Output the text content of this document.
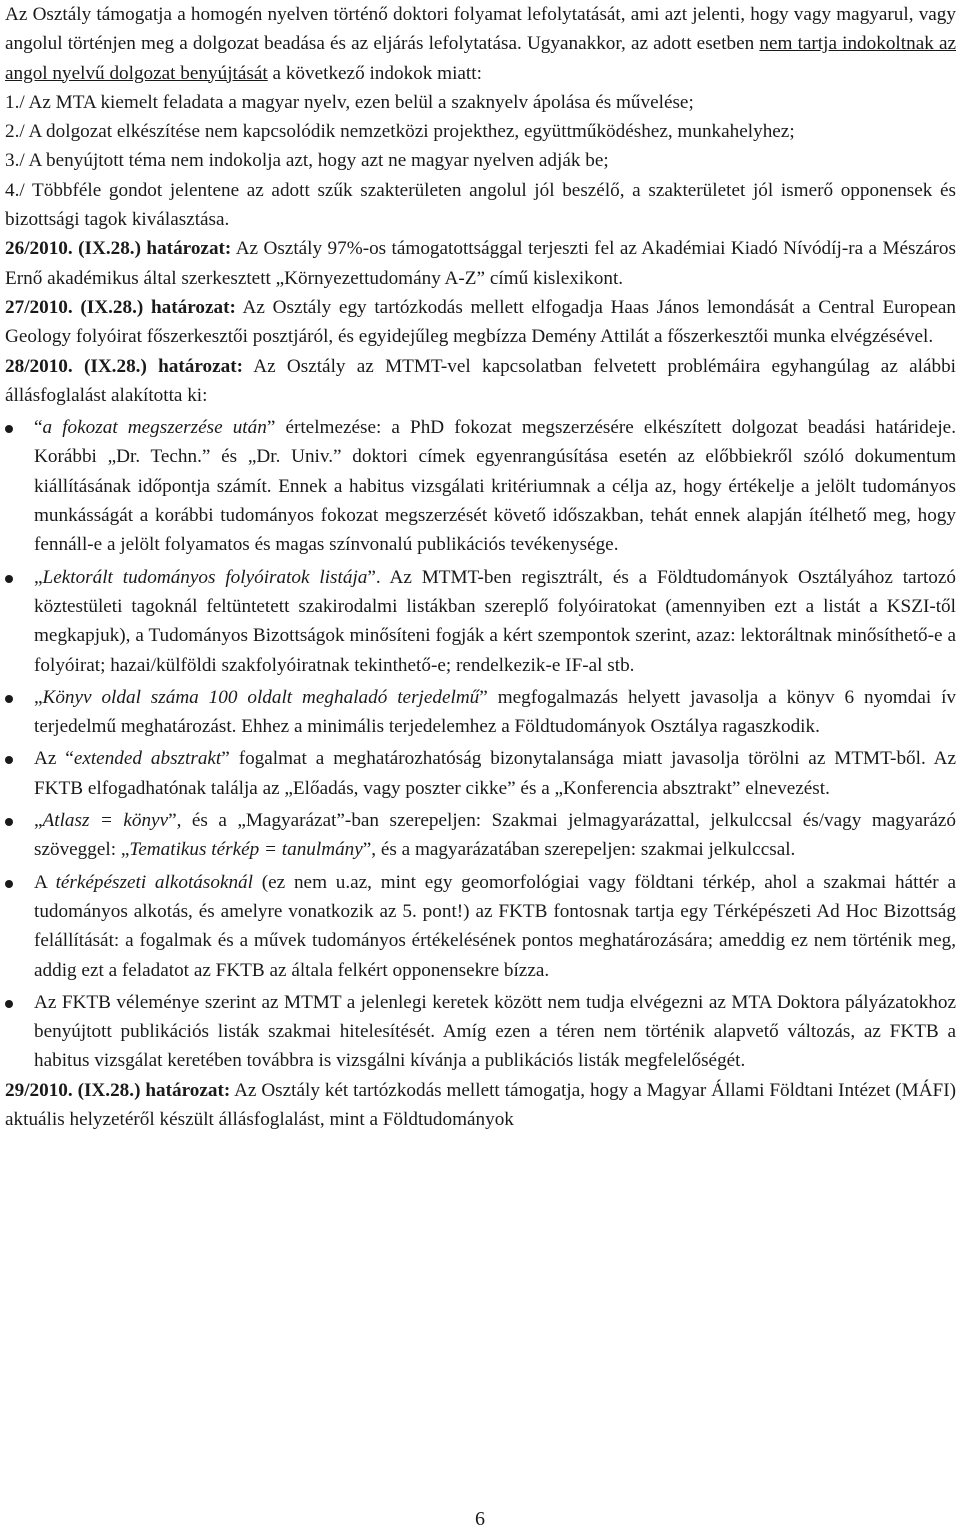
Az Osztály támogatja a homogén nyelven történő doktori folyamat lefolytatását, ami azt jelenti, hogy vagy magyarul, vagy angolul történjen meg a dolgozat beadása és az eljárás lefolytatása. Ugyanakkor, az adott esetben nem tartja indokoltnak az angol nyelvű dolgozat benyújtását a következő indokok miatt:

1./ Az MTA kiemelt feladata a magyar nyelv, ezen belül a szaknyelv ápolása és művelése;

2./ A dolgozat elkészítése nem kapcsolódik nemzetközi projekthez, együttműködéshez, munkahelyhez;

3./ A benyújtott téma nem indokolja azt, hogy azt ne magyar nyelven adják be;

4./ Többféle gondot jelentene az adott szűk szakterületen angolul jól beszélő, a szakterületet jól ismerő opponensek és bizottsági tagok kiválasztása.

26/2010. (IX.28.) határozat: Az Osztály 97%-os támogatottsággal terjeszti fel az Akadémiai Kiadó Nívódíj-ra a Mészáros Ernő akadémikus által szerkesztett „Környezettudomány A-Z” című kislexikont.

27/2010. (IX.28.) határozat: Az Osztály egy tartózkodás mellett elfogadja Haas János lemondását a Central European Geology folyóirat főszerkesztői posztjáról, és egyidejűleg megbízza Demény Attilát a főszerkesztői munka elvégzésével.

28/2010. (IX.28.) határozat: Az Osztály az MTMT-vel kapcsolatban felvetett problémáira egyhangúlag az alábbi állásfoglalást alakította ki:

“a fokozat megszerzése után” értelmezése: a PhD fokozat megszerzésére elkészített dolgozat beadási határideje. Korábbi „Dr. Techn.” és „Dr. Univ.” doktori címek egyenrangúsítása esetén az előbbiekről szóló dokumentum kiállításának időpontja számít. Ennek a habitus vizsgálati kritériumnak a célja az, hogy értékelje a jelölt tudományos munkásságát a korábbi tudományos fokozat megszerzését követő időszakban, tehát ennek alapján ítélhető meg, hogy fennáll-e a jelölt folyamatos és magas színvonalú publikációs tevékenysége.
„Lektorált tudományos folyóiratok listája”. Az MTMT-ben regisztrált, és a Földtudományok Osztályához tartozó köztestületi tagoknál feltüntetett szakirodalmi listákban szereplő folyóiratokat (amennyiben ezt a listát a KSZI-től megkapjuk), a Tudományos Bizottságok minősíteni fogják a kért szempontok szerint, azaz: lektoráltnak minősíthető-e a folyóirat; hazai/külföldi szakfolyóiratnak tekinthető-e; rendelkezik-e IF-al stb.
„Könyv oldal száma 100 oldalt meghaladó terjedelmű” megfogalmazás helyett javasolja a könyv 6 nyomdai ív terjedelmű meghatározást. Ehhez a minimális terjedelemhez a Földtudományok Osztálya ragaszkodik.
Az “extended absztrakt” fogalmat a meghatározhatóság bizonytalansága miatt javasolja törölni az MTMT-ből. Az FKTB elfogadhatónak találja az „Előadás, vagy poszter cikke” és a „Konferencia absztrakt” elnevezést.
„Atlasz = könyv”, és a „Magyarázat”-ban szerepeljen: Szakmai jelmagyarázattal, jelkulccsal és/vagy magyarázó szöveggel: „Tematikus térkép = tanulmány”, és a magyarázatában szerepeljen: szakmai jelkulccsal.
A térképészeti alkotásoknál (ez nem u.az, mint egy geomorfológiai vagy földtani térkép, ahol a szakmai háttér a tudományos alkotás, és amelyre vonatkozik az 5. pont!) az FKTB fontosnak tartja egy Térképészeti Ad Hoc Bizottság felállítását: a fogalmak és a művek tudományos értékelésének pontos meghatározására; ameddig ez nem történik meg, addig ezt a feladatot az FKTB az általa felkért opponensekre bízza.
Az FKTB véleménye szerint az MTMT a jelenlegi keretek között nem tudja elvégezni az MTA Doktora pályázatokhoz benyújtott publikációs listák szakmai hitelesítését. Amíg ezen a téren nem történik alapvető változás, az FKTB a habitus vizsgálat keretében továbbra is vizsgálni kívánja a publikációs listák megfelelőségét.

29/2010. (IX.28.) határozat: Az Osztály két tartózkodás mellett támogatja, hogy a Magyar Állami Földtani Intézet (MÁFI) aktuális helyzetéről készült állásfoglalást, mint a Földtudományok

6
